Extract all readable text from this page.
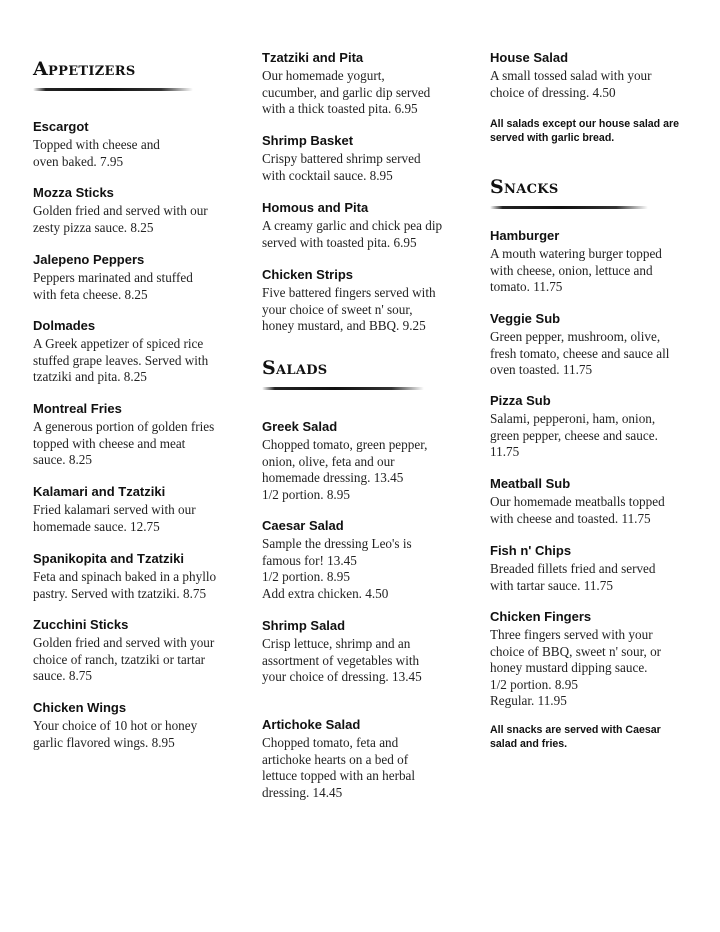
Appetizers
Escargot
Topped with cheese and
oven baked. 7.95
Mozza Sticks
Golden fried and served with our
zesty pizza sauce. 8.25
Jalepeno Peppers
Peppers marinated and stuffed
with feta cheese. 8.25
Dolmades
A Greek appetizer of spiced rice
stuffed grape leaves. Served with
tzatziki and pita. 8.25
Montreal Fries
A generous portion of golden fries
topped with cheese and meat
sauce. 8.25
Kalamari and Tzatziki
Fried kalamari served with our
homemade sauce. 12.75
Spanikopita and Tzatziki
Feta and spinach baked in a phyllo
pastry. Served with tzatziki. 8.75
Zucchini Sticks
Golden fried and served with your
choice of ranch, tzatziki or tartar
sauce. 8.75
Chicken Wings
Your choice of 10 hot or honey
garlic flavored wings. 8.95
Tzatziki and Pita
Our homemade yogurt,
cucumber, and garlic dip served
with a thick toasted pita. 6.95
Shrimp Basket
Crispy battered shrimp served
with cocktail sauce. 8.95
Homous and Pita
A creamy garlic and chick pea dip
served with toasted pita. 6.95
Chicken Strips
Five battered fingers served with
your choice of sweet n' sour,
honey mustard, and BBQ. 9.25
Salads
Greek Salad
Chopped tomato, green pepper,
onion, olive, feta and our
homemade dressing. 13.45
1/2 portion. 8.95
Caesar Salad
Sample the dressing Leo's is
famous for! 13.45
1/2 portion. 8.95
Add extra chicken. 4.50
Shrimp Salad
Crisp lettuce, shrimp and an
assortment of vegetables with
your choice of dressing. 13.45
Artichoke Salad
Chopped tomato, feta and
artichoke hearts on a bed of
lettuce topped with an herbal
dressing. 14.45
House Salad
A small tossed salad with your
choice of dressing. 4.50
All salads except our house salad are
served with garlic bread.
Snacks
Hamburger
A mouth watering burger topped
with cheese, onion, lettuce and
tomato. 11.75
Veggie Sub
Green pepper, mushroom, olive,
fresh tomato, cheese and sauce all
oven toasted. 11.75
Pizza Sub
Salami, pepperoni, ham, onion,
green pepper, cheese and sauce.
11.75
Meatball Sub
Our homemade meatballs topped
with cheese and toasted. 11.75
Fish n' Chips
Breaded fillets fried and served
with tartar sauce. 11.75
Chicken Fingers
Three fingers served with your
choice of BBQ, sweet n' sour, or
honey mustard dipping sauce.
1/2 portion. 8.95
Regular. 11.95
All snacks are served with Caesar
salad and fries.
